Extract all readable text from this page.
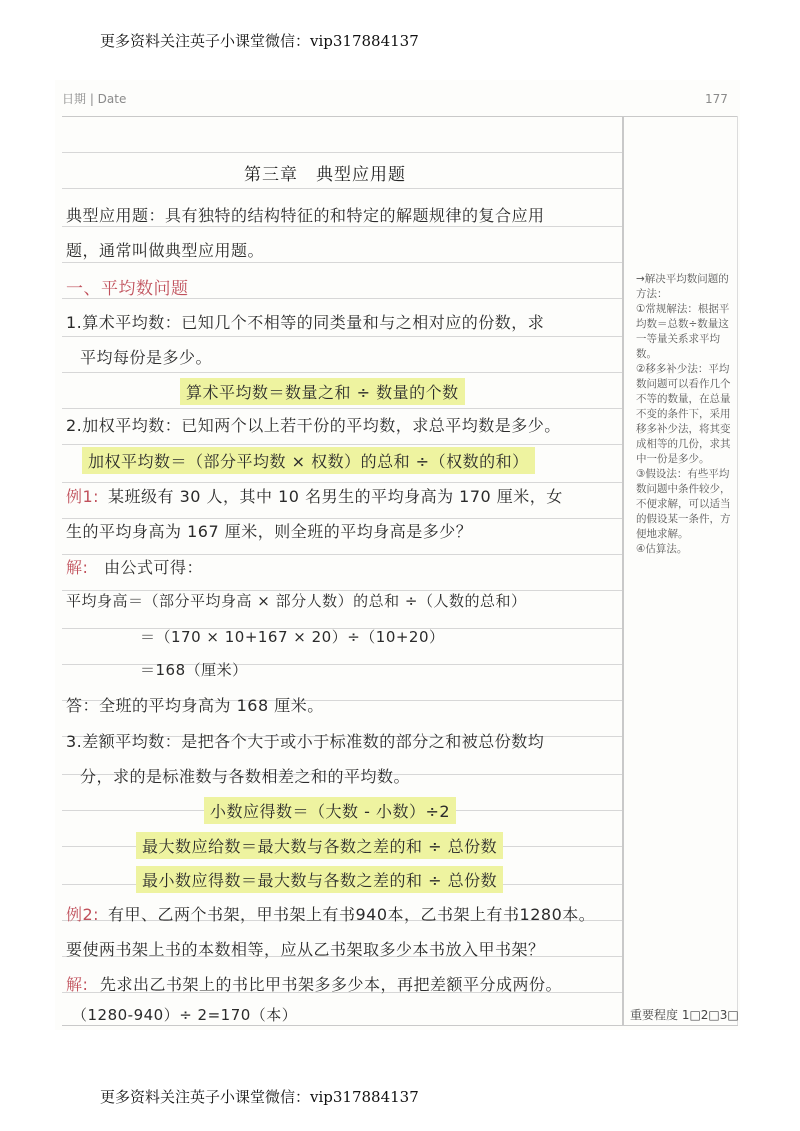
更多资料关注英子小课堂微信：vip317884137
日期 | Date	177
第三章　典型应用题
典型应用题：具有独特的结构特征的和特定的解题规律的复合应用
题，通常叫做典型应用题。
一、平均数问题
1.算术平均数：已知几个不相等的同类量和与之相对应的份数，求
平均每份是多少。
算术平均数＝数量之和 ÷ 数量的个数
2.加权平均数：已知两个以上若干份的平均数，求总平均数是多少。
加权平均数＝（部分平均数 × 权数）的总和 ÷（权数的和）
例1: 某班级有 30 人，其中 10 名男生的平均身高为 170 厘米，女
生的平均身高为 167 厘米，则全班的平均身高是多少？
解: 由公式可得：
平均身高＝（部分平均身高 × 部分人数）的总和 ÷（人数的总和）
＝（170 × 10+167 × 20）÷（10+20）
＝168（厘米）
答：全班的平均身高为 168 厘米。
3.差额平均数：是把各个大于或小于标准数的部分之和被总份数均
分，求的是标准数与各数相差之和的平均数。
小数应得数＝（大数 - 小数）÷2
最大数应给数＝最大数与各数之差的和 ÷ 总份数
最小数应得数＝最大数与各数之差的和 ÷ 总份数
例2: 有甲、乙两个书架，甲书架上有书940本，乙书架上有书1280本。
要使两书架上书的本数相等，应从乙书架取多少本书放入甲书架？
解: 先求出乙书架上的书比甲书架多多少本，再把差额平分成两份。
（1280-940）÷ 2=170（本）
→解决平均数问题的方法：
①常规解法：根据平均数＝总数÷数量这一等量关系求平均数。
②移多补少法：平均数问题可以看作几个不等的数量，在总量不变的条件下，采用移多补少法，将其变成相等的几份，求其中一份是多少。
③假设法：有些平均数问题中条件较少，不便求解，可以适当的假设某一条件，方便地求解。
④估算法。
重要程度 1□2□3□
更多资料关注英子小课堂微信：vip317884137
